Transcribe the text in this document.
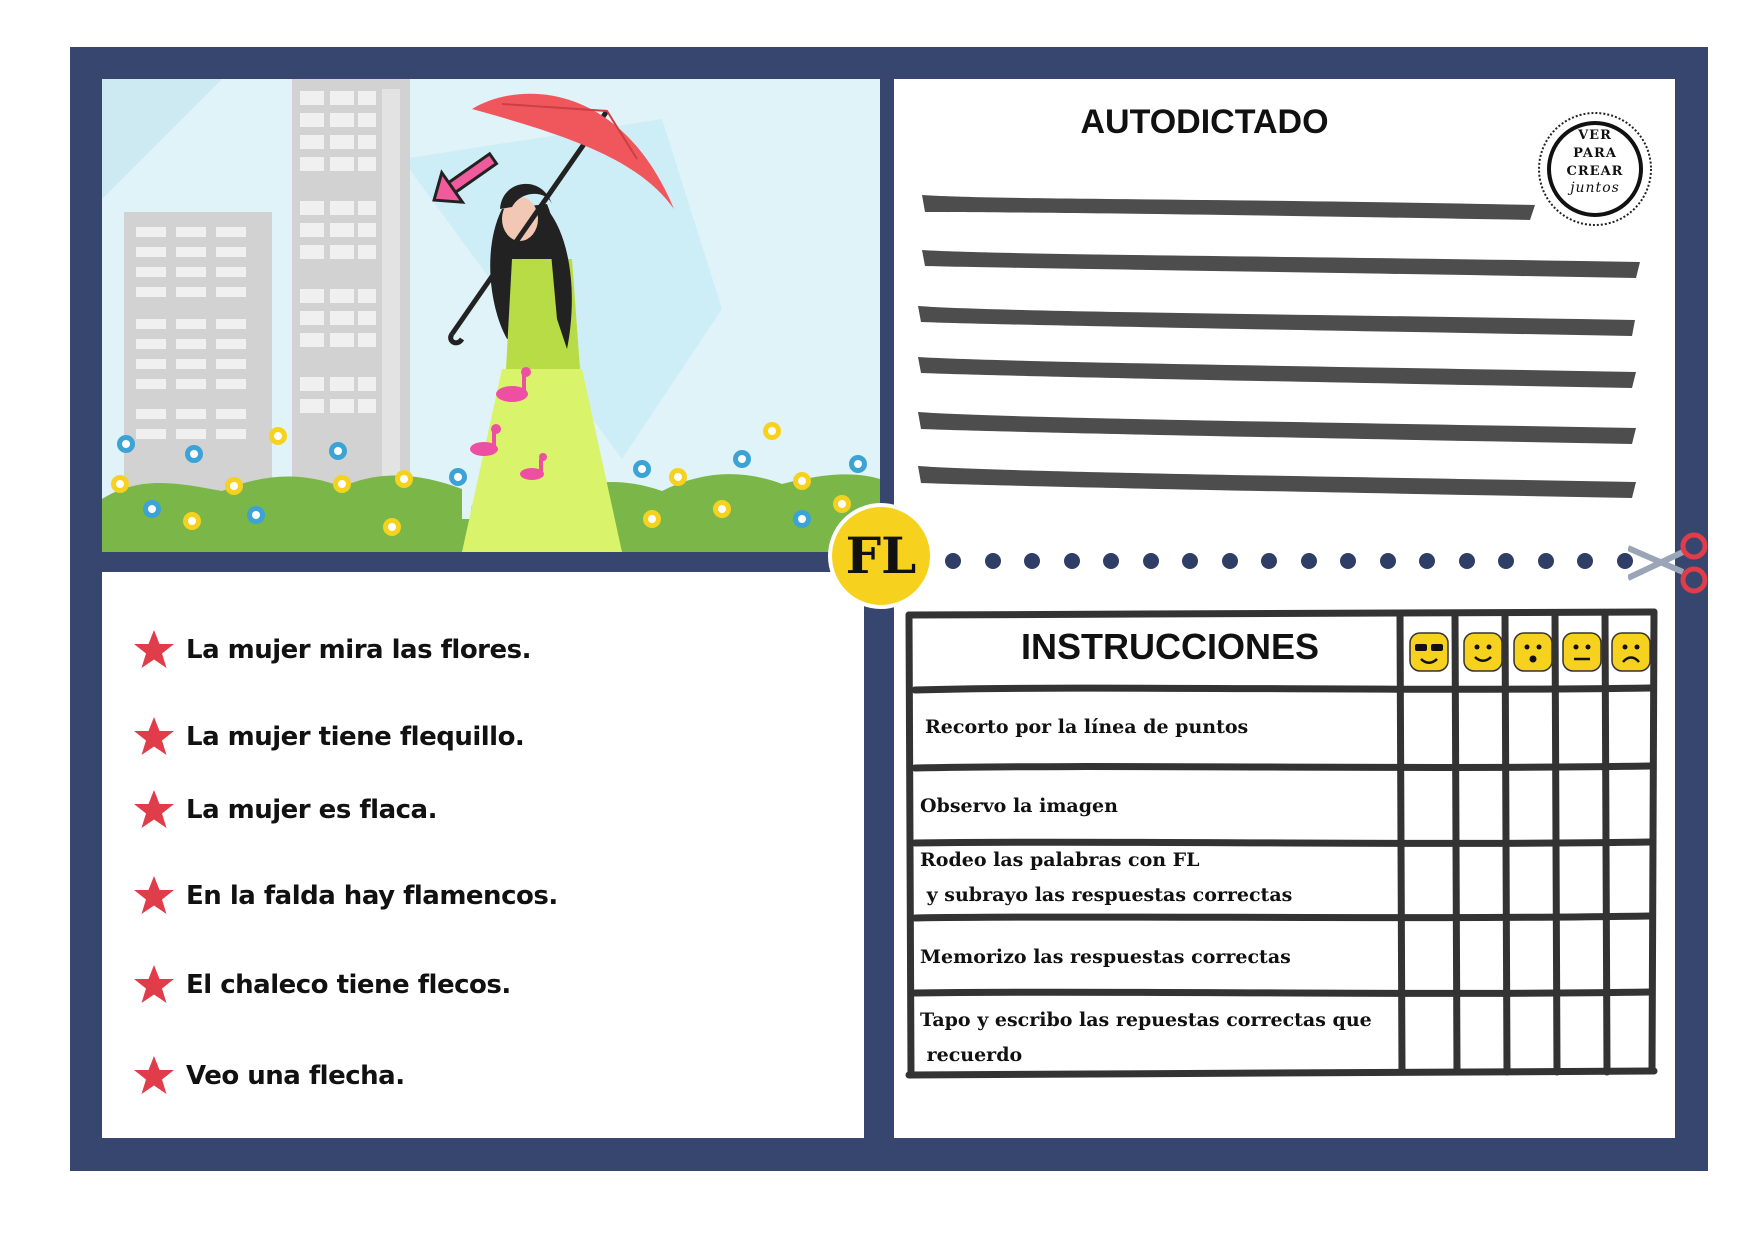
La mujer mira las flores.
La mujer tiene flequillo.
La mujer es flaca.
En la falda hay flamencos.
El chaleco tiene flecos.
Veo una flecha.
AUTODICTADO	VER
PARA
CREAR
juntos
FL
INSTRUCCIONES
Recorto por la línea de puntos
Observo la imagen
Rodeo las palabras con FL
y subrayo las respuestas correctas
Memorizo las respuestas correctas
Tapo y escribo las repuestas correctas que
recuerdo
